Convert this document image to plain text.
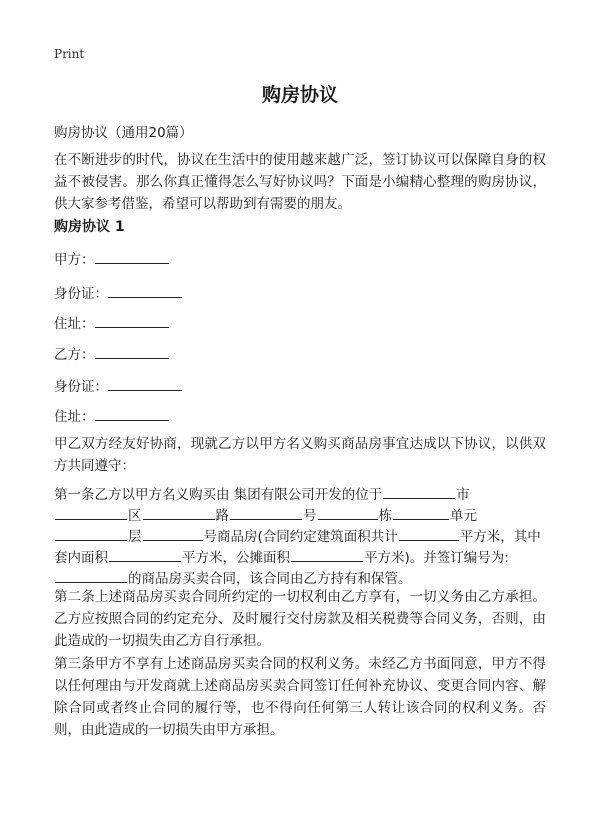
Print
购房协议
购房协议（通用20篇）
在不断进步的时代，协议在生活中的使用越来越广泛，签订协议可以保障自身的权益不被侵害。那么你真正懂得怎么写好协议吗？下面是小编精心整理的购房协议，供大家参考借鉴，希望可以帮助到有需要的朋友。
购房协议 1
甲方：
身份证：
住址：
乙方：
身份证：
住址：
甲乙双方经友好协商，现就乙方以甲方名义购买商品房事宜达成以下协议，以供双方共同遵守：
第一条乙方以甲方名义购买由 集团有限公司开发的位于	市 区	路	号	栋	单元 层	号商品房(合同约定建筑面积共计	平方米，其中套内面积	平方米，公摊面积	平方米)。并签订编号为: 的商品房买卖合同，该合同由乙方持有和保管。
第二条上述商品房买卖合同所约定的一切权利由乙方享有，一切义务由乙方承担。乙方应按照合同的约定充分、及时履行交付房款及相关税费等合同义务，否则，由此造成的一切损失由乙方自行承担。
第三条甲方不享有上述商品房买卖合同的权利义务。未经乙方书面同意，甲方不得以任何理由与开发商就上述商品房买卖合同签订任何补充协议、变更合同内容、解除合同或者终止合同的履行等，也不得向任何第三人转让该合同的权利义务。否则，由此造成的一切损失由甲方承担。
